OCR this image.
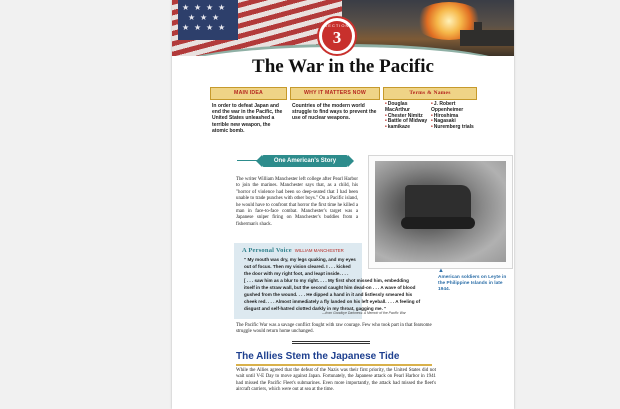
★ ★ ★ ★
★ ★ ★
★ ★ ★ ★	SECTION
3
The War in the Pacific
MAIN IDEA	WHY IT MATTERS NOW	Terms & Names
In order to defeat Japan and end the war in the Pacific, the United States unleashed a terrible new weapon, the atomic bomb.
Countries of the modern world struggle to find ways to prevent the use of nuclear weapons.
• Douglas MacArthur
• Chester Nimitz
• Battle of Midway
• kamikaze
• J. Robert Oppenheimer
• Hiroshima
• Nagasaki
• Nuremberg trials
One American's Story
The writer William Manchester left college after Pearl Harbor to join the marines. Manchester says that, as a child, his "horror of violence had been so deep-seated that I had been unable to trade punches with other boys." On a Pacific island, he would have to confront that horror the first time he killed a man in face-to-face combat. Manchester's target was a Japanese sniper firing on Manchester's buddies from a fisherman's shack.
▲
American soldiers on Leyte in the Philippine Islands in late 1944.
A Personal Voice WILLIAM MANCHESTER
" My mouth was dry, my legs quaking, and my eyes
out of focus. Then my vision cleared. I . . . kicked
the door with my right foot, and leapt inside. . . .
[ . . . saw him as a blur to my right. . . . My first shot missed him, embedding
itself in the straw wall, but the second caught him dead-on . . . A wave of blood
gushed from the wound. . . . He dipped a hand in it and listlessly smeared his
cheek red. . . . Almost immediately a fly landed on his left eyeball. . . . A feeling of
disgust and self-hatred clotted darkly in my throat, gagging me. "
—from Goodbye Darkness: A Memoir of the Pacific War
The Pacific War was a savage conflict fought with raw courage. Few who took part in that fearsome struggle would return home unchanged.
The Allies Stem the Japanese Tide
While the Allies agreed that the defeat of the Nazis was their first priority, the United States did not wait until V-E Day to move against Japan. Fortunately, the Japanese attack on Pearl Harbor in 1941 had missed the Pacific Fleet's submarines. Even more importantly, the attack had missed the fleet's aircraft carriers, which were out at sea at the time.
